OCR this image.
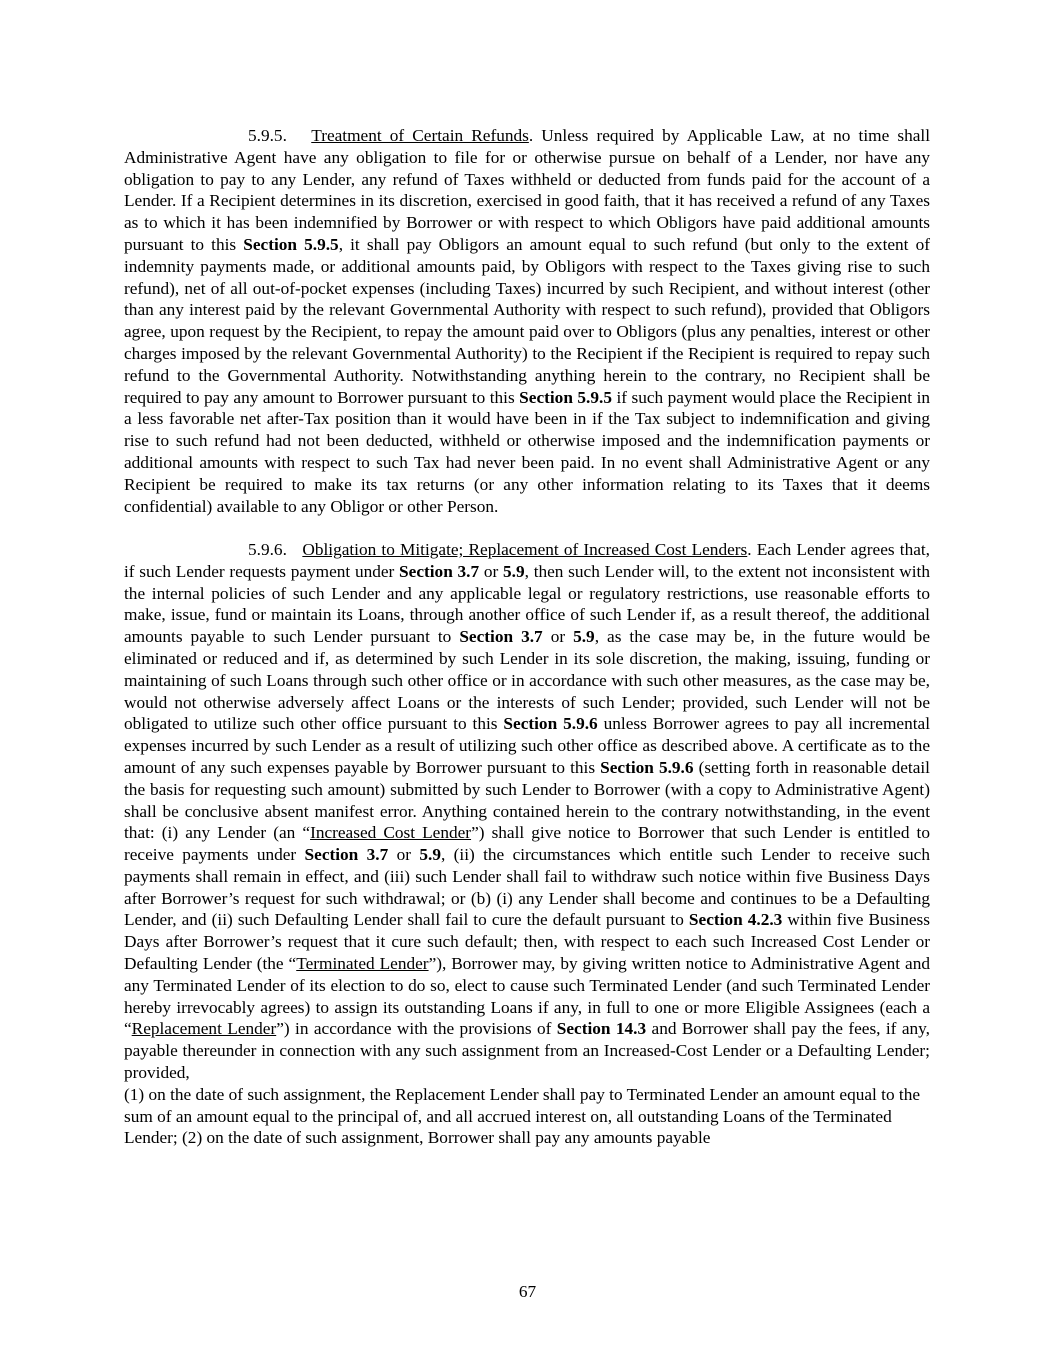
5.9.5. Treatment of Certain Refunds. Unless required by Applicable Law, at no time shall Administrative Agent have any obligation to file for or otherwise pursue on behalf of a Lender, nor have any obligation to pay to any Lender, any refund of Taxes withheld or deducted from funds paid for the account of a Lender. If a Recipient determines in its discretion, exercised in good faith, that it has received a refund of any Taxes as to which it has been indemnified by Borrower or with respect to which Obligors have paid additional amounts pursuant to this Section 5.9.5, it shall pay Obligors an amount equal to such refund (but only to the extent of indemnity payments made, or additional amounts paid, by Obligors with respect to the Taxes giving rise to such refund), net of all out-of-pocket expenses (including Taxes) incurred by such Recipient, and without interest (other than any interest paid by the relevant Governmental Authority with respect to such refund), provided that Obligors agree, upon request by the Recipient, to repay the amount paid over to Obligors (plus any penalties, interest or other charges imposed by the relevant Governmental Authority) to the Recipient if the Recipient is required to repay such refund to the Governmental Authority. Notwithstanding anything herein to the contrary, no Recipient shall be required to pay any amount to Borrower pursuant to this Section 5.9.5 if such payment would place the Recipient in a less favorable net after-Tax position than it would have been in if the Tax subject to indemnification and giving rise to such refund had not been deducted, withheld or otherwise imposed and the indemnification payments or additional amounts with respect to such Tax had never been paid. In no event shall Administrative Agent or any Recipient be required to make its tax returns (or any other information relating to its Taxes that it deems confidential) available to any Obligor or other Person.

5.9.6. Obligation to Mitigate; Replacement of Increased Cost Lenders. Each Lender agrees that, if such Lender requests payment under Section 3.7 or 5.9, then such Lender will, to the extent not inconsistent with the internal policies of such Lender and any applicable legal or regulatory restrictions, use reasonable efforts to make, issue, fund or maintain its Loans, through another office of such Lender if, as a result thereof, the additional amounts payable to such Lender pursuant to Section 3.7 or 5.9, as the case may be, in the future would be eliminated or reduced and if, as determined by such Lender in its sole discretion, the making, issuing, funding or maintaining of such Loans through such other office or in accordance with such other measures, as the case may be, would not otherwise adversely affect Loans or the interests of such Lender; provided, such Lender will not be obligated to utilize such other office pursuant to this Section 5.9.6 unless Borrower agrees to pay all incremental expenses incurred by such Lender as a result of utilizing such other office as described above. A certificate as to the amount of any such expenses payable by Borrower pursuant to this Section 5.9.6 (setting forth in reasonable detail the basis for requesting such amount) submitted by such Lender to Borrower (with a copy to Administrative Agent) shall be conclusive absent manifest error. Anything contained herein to the contrary notwithstanding, in the event that: (i) any Lender (an “Increased Cost Lender”) shall give notice to Borrower that such Lender is entitled to receive payments under Section 3.7 or 5.9, (ii) the circumstances which entitle such Lender to receive such payments shall remain in effect, and (iii) such Lender shall fail to withdraw such notice within five Business Days after Borrower’s request for such withdrawal; or (b) (i) any Lender shall become and continues to be a Defaulting Lender, and (ii) such Defaulting Lender shall fail to cure the default pursuant to Section 4.2.3 within five Business Days after Borrower’s request that it cure such default; then, with respect to each such Increased Cost Lender or Defaulting Lender (the “Terminated Lender”), Borrower may, by giving written notice to Administrative Agent and any Terminated Lender of its election to do so, elect to cause such Terminated Lender (and such Terminated Lender hereby irrevocably agrees) to assign its outstanding Loans if any, in full to one or more Eligible Assignees (each a “Replacement Lender”) in accordance with the provisions of Section 14.3 and Borrower shall pay the fees, if any, payable thereunder in connection with any such assignment from an Increased-Cost Lender or a Defaulting Lender; provided,

(1) on the date of such assignment, the Replacement Lender shall pay to Terminated Lender an amount equal to the sum of an amount equal to the principal of, and all accrued interest on, all outstanding Loans of the Terminated Lender; (2) on the date of such assignment, Borrower shall pay any amounts payable

67
